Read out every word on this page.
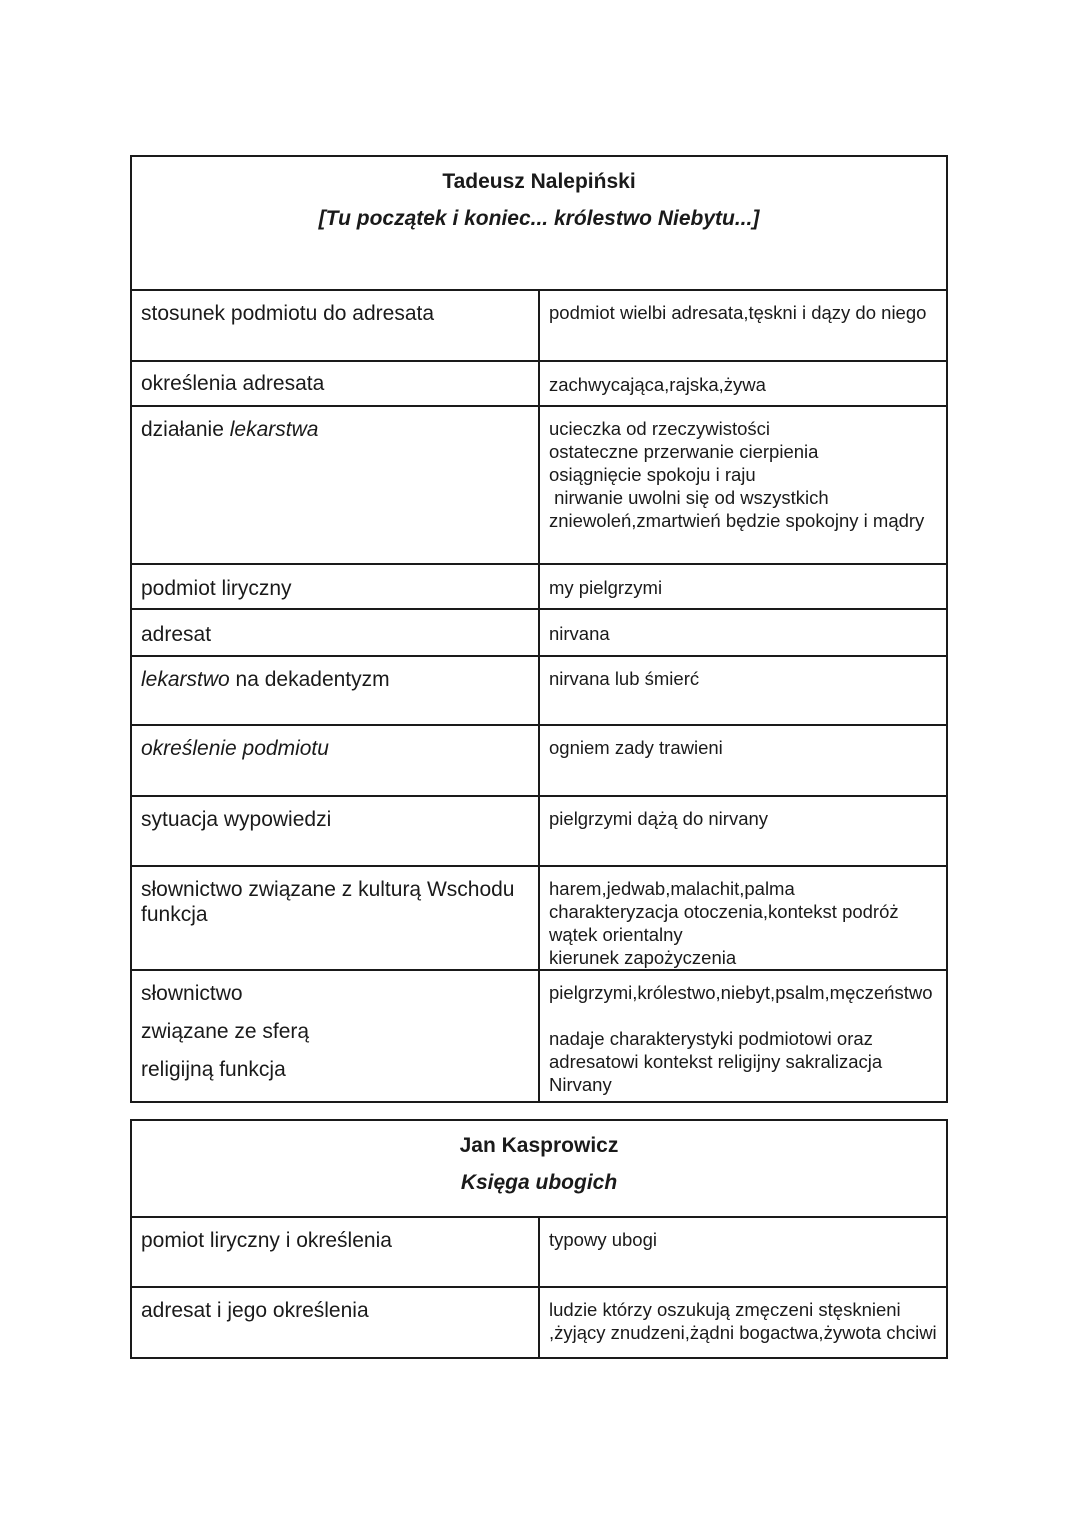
Tadeusz Nalepiński
[Tu początek i koniec... królestwo Niebytu...]	

stosunek podmiotu do adresata	podmiot wielbi adresata,tęskni i dązy do niego
określenia adresata	zachwycająca,rajska,żywa
działanie lekarstwa	ucieczka od rzeczywistości
ostateczne przerwanie cierpienia
osiągnięcie spokoju i raju
nirwanie uwolni się od wszystkich zniewoleń,zmartwień będzie spokojny i mądry

podmiot liryczny	my pielgrzymi
adresat	nirvana
lekarstwo na dekadentyzm	nirvana lub śmierć
określenie podmiotu	ogniem zady trawieni
sytuacja wypowiedzi	pielgrzymi dążą do nirvany
słownictwo związane z kulturą Wschodu funkcja	harem,jedwab,malachit,palma
charakteryzacja otoczenia,kontekst podróż wątek orientalny
kierunek zapożyczenia

słownictwo
związane ze sferą
religijną funkcja	pielgrzymi,królestwo,niebyt,psalm,męczeństwo
nadaje charakterystyki podmiotowi oraz adresatowi kontekst religijny sakralizacja Nirvany
Jan Kasprowicz
Księga ubogich	

pomiot liryczny i określenia	typowy ubogi
adresat i jego określenia	ludzie którzy oszukują zmęczeni stęsknieni ,żyjący znudzeni,żądni bogactwa,żywota chciwi
